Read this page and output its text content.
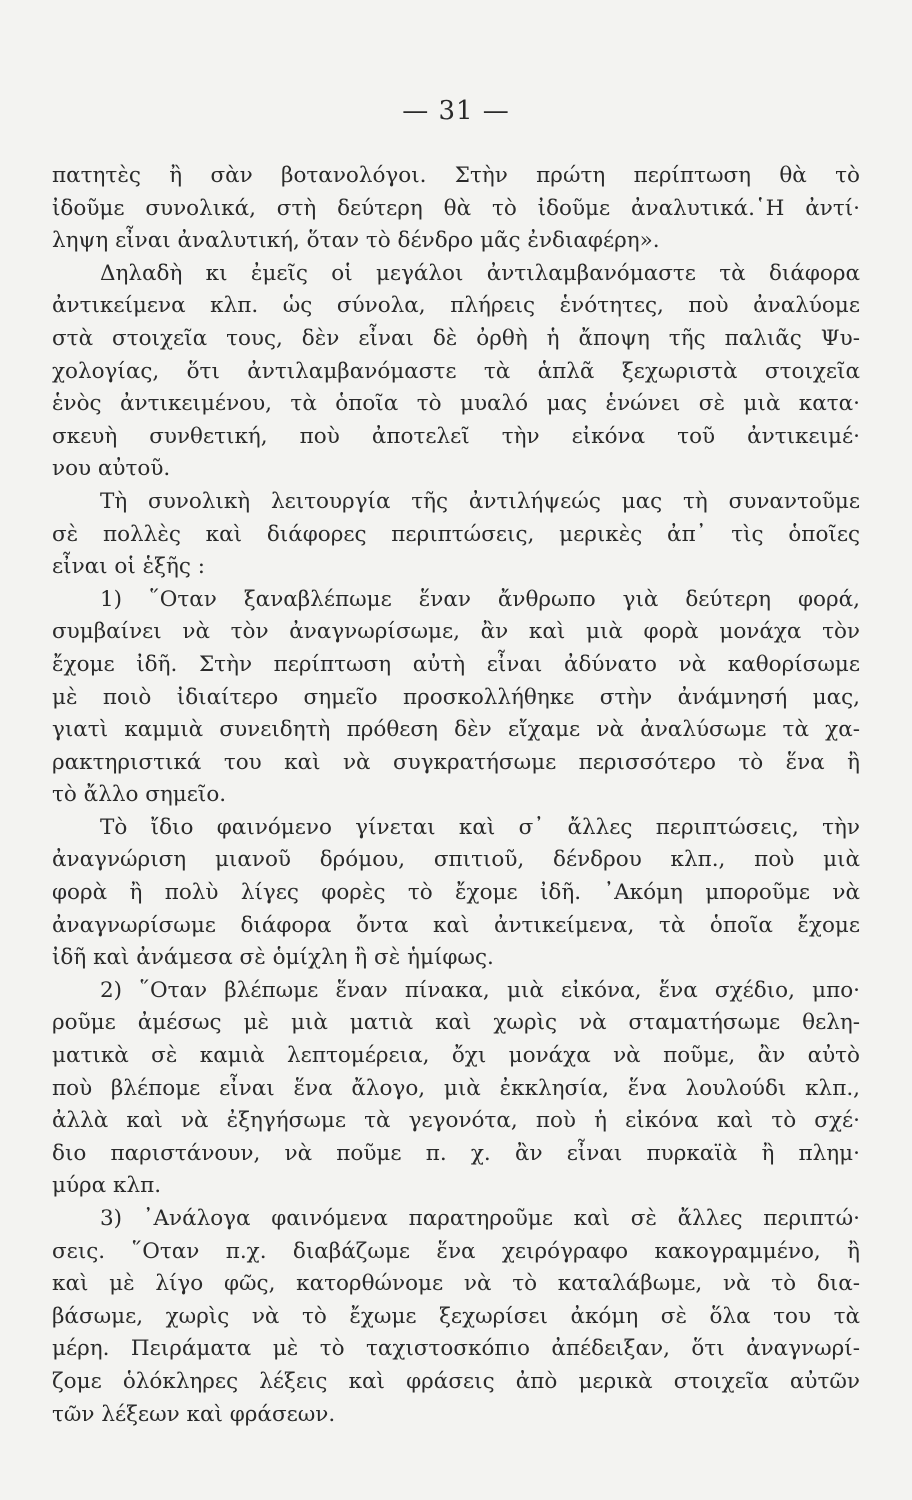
— 31 —
πατητὲς ἢ σὰν βοτανολόγοι. Στὴν πρώτη περίπτωση θὰ τὸ
ἰδοῦμε συνολικά, στὴ δεύτερη θὰ τὸ ἰδοῦμε ἀναλυτικά.῾Η ἀντί·
ληψη εἶναι ἀναλυτική, ὅταν τὸ δένδρο μᾶς ἐνδιαφέρη».
Δηλαδὴ κι ἐμεῖς οἱ μεγάλοι ἀντιλαμβανόμαστε τὰ διάφορα
ἀντικείμενα κλπ. ὡς σύνολα, πλήρεις ἑνότητες, ποὺ ἀναλύομε
στὰ στοιχεῖα τους, δὲν εἶναι δὲ ὀρθὴ ἡ ἄποψη τῆς παλιᾶς Ψυ-
χολογίας, ὅτι ἀντιλαμβανόμαστε τὰ ἁπλᾶ ξεχωριστὰ στοιχεῖα
ἑνὸς ἀντικειμένου, τὰ ὁποῖα τὸ μυαλό μας ἑνώνει σὲ μιὰ κατα·
σκευὴ συνθετική, ποὺ ἀποτελεῖ τὴν εἰκόνα τοῦ ἀντικειμέ·
νου αὐτοῦ.
Τὴ συνολικὴ λειτουργία τῆς ἀντιλήψεώς μας τὴ συναντοῦμε
σὲ πολλὲς καὶ διάφορες περιπτώσεις, μερικὲς ἀπ᾽ τὶς ὁποῖες
εἶναι οἱ ἑξῆς :
1) ῞Οταν ξαναβλέπωμε ἕναν ἄνθρωπο γιὰ δεύτερη φορά,
συμβαίνει νὰ τὸν ἀναγνωρίσωμε, ἂν καὶ μιὰ φορὰ μονάχα τὸν
ἔχομε ἰδῆ. Στὴν περίπτωση αὐτὴ εἶναι ἀδύνατο νὰ καθορίσωμε
μὲ ποιὸ ἰδιαίτερο σημεῖο προσκολλήθηκε στὴν ἀνάμνησή μας,
γιατὶ καμμιὰ συνειδητὴ πρόθεση δὲν εἴχαμε νὰ ἀναλύσωμε τὰ χα-
ρακτηριστικά του καὶ νὰ συγκρατήσωμε περισσότερο τὸ ἕνα ἢ
τὸ ἄλλο σημεῖο.
Τὸ ἴδιο φαινόμενο γίνεται καὶ σ᾽ ἄλλες περιπτώσεις, τὴν
ἀναγνώριση μιανοῦ δρόμου, σπιτιοῦ, δένδρου κλπ., ποὺ μιὰ
φορὰ ἢ πολὺ λίγες φορὲς τὸ ἔχομε ἰδῆ. ᾿Ακόμη μποροῦμε νὰ
ἀναγνωρίσωμε διάφορα ὄντα καὶ ἀντικείμενα, τὰ ὁποῖα ἔχομε
ἰδῆ καὶ ἀνάμεσα σὲ ὁμίχλη ἢ σὲ ἡμίφως.
2) ῞Οταν βλέπωμε ἕναν πίνακα, μιὰ εἰκόνα, ἕνα σχέδιο, μπο·
ροῦμε ἀμέσως μὲ μιὰ ματιὰ καὶ χωρὶς νὰ σταματήσωμε θελη-
ματικὰ σὲ καμιὰ λεπτομέρεια, ὄχι μονάχα νὰ ποῦμε, ἂν αὐτὸ
ποὺ βλέπομε εἶναι ἕνα ἄλογο, μιὰ ἐκκλησία, ἕνα λουλούδι κλπ.,
ἀλλὰ καὶ νὰ ἐξηγήσωμε τὰ γεγονότα, ποὺ ἡ εἰκόνα καὶ τὸ σχέ·
διο παριστάνουν, νὰ ποῦμε π. χ. ἂν εἶναι πυρκαϊὰ ἢ πλημ·
μύρα κλπ.
3) ᾿Ανάλογα φαινόμενα παρατηροῦμε καὶ σὲ ἄλλες περιπτώ·
σεις. ῞Οταν π.χ. διαβάζωμε ἕνα χειρόγραφο κακογραμμένο, ἢ
καὶ μὲ λίγο φῶς, κατορθώνομε νὰ τὸ καταλάβωμε, νὰ τὸ δια-
βάσωμε, χωρὶς νὰ τὸ ἔχωμε ξεχωρίσει ἀκόμη σὲ ὅλα του τὰ
μέρη. Πειράματα μὲ τὸ ταχιστοσκόπιο ἀπέδειξαν, ὅτι ἀναγνωρί-
ζομε ὁλόκληρες λέξεις καὶ φράσεις ἀπὸ μερικὰ στοιχεῖα αὐτῶν
τῶν λέξεων καὶ φράσεων.
